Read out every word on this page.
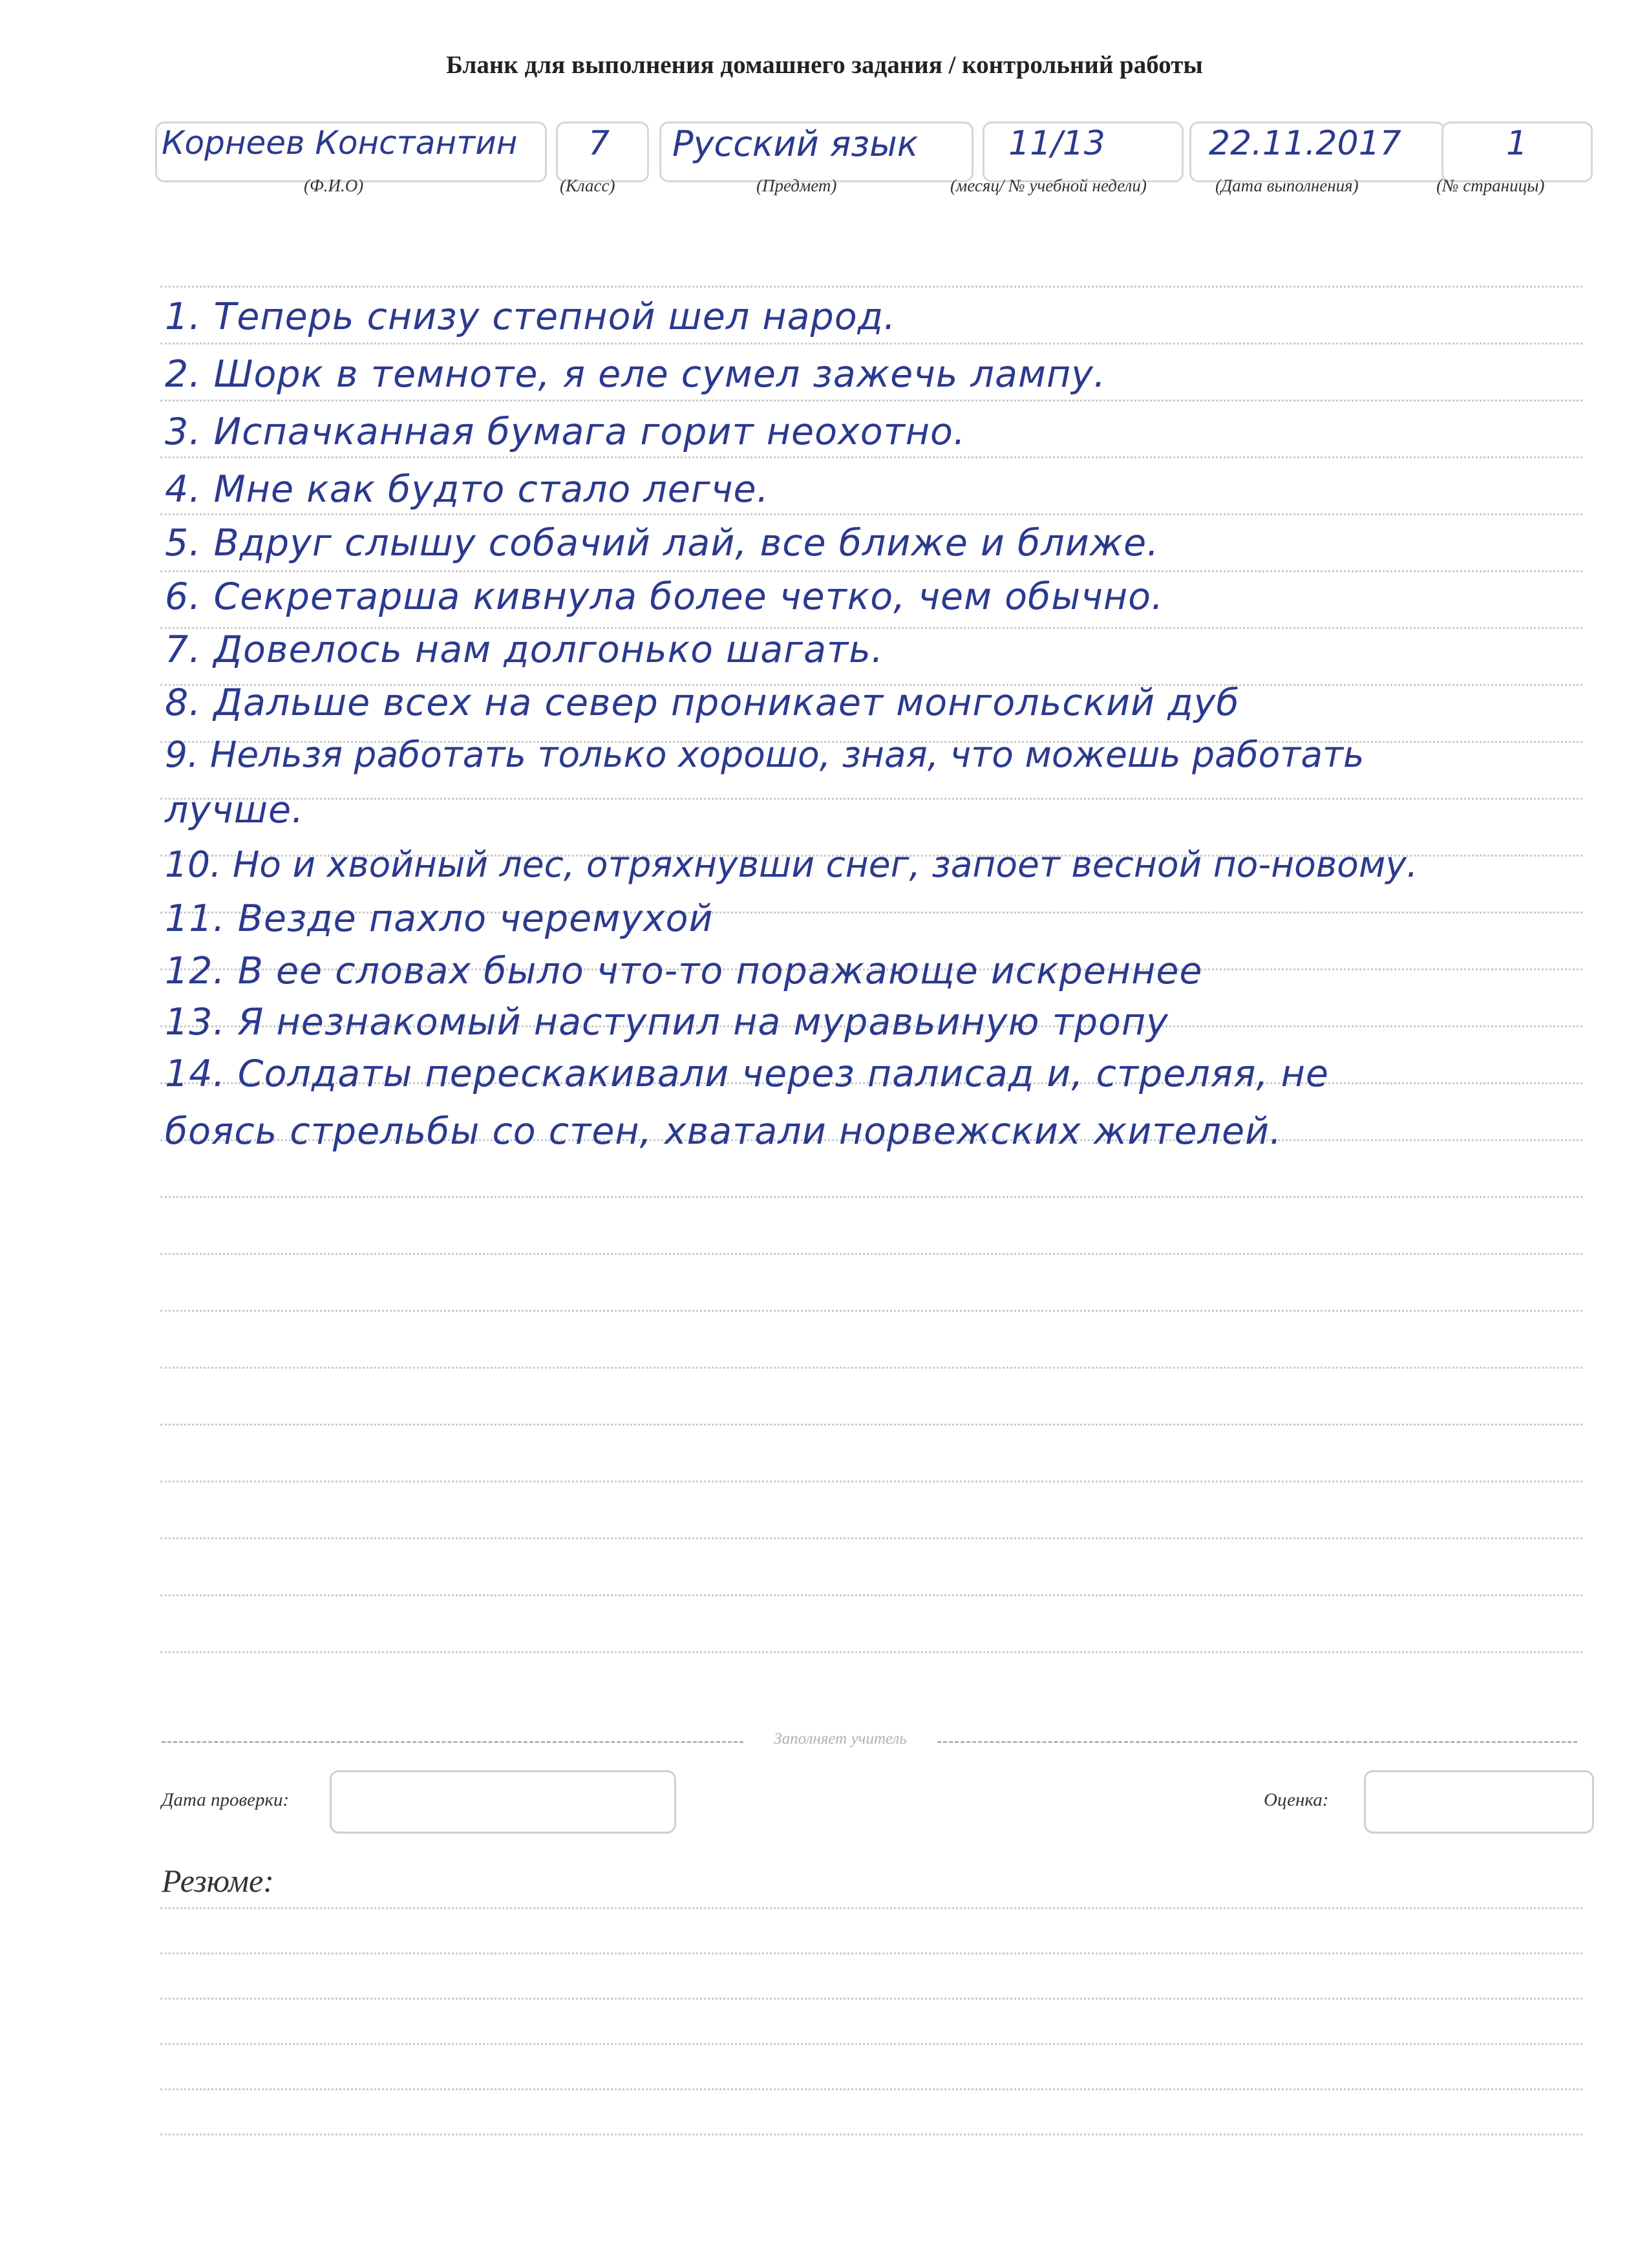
Бланк для выполнения домашнего задания / контрольний работы
Корнеев Константин
(Ф.И.О)
7
(Класс)
Русский язык
(Предмет)
11/13
(месяц/ № учебной недели)
22.11.2017
(Дата выполнения)
1
(№ страницы)
1. Теперь снизу степной шел народ.
2. Шорк в темноте, я еле сумел зажечь лампу.
3. Испачканная бумага горит неохотно.
4. Мне как будто стало легче.
5. Вдруг слышу собачий лай, все ближе и ближе.
6. Секретарша кивнула более четко, чем обычно.
7. Довелось нам долгонько шагать.
8. Дальше всех на север проникает монгольский дуб
9. Нельзя работать только хорошо, зная, что можешь работать
лучше.
10. Но и хвойный лес, отряхнувши снег, запоет весной по-новому.
11. Везде пахло черемухой
12. В ее словах было что-то поражающе искреннее
13. Я незнакомый наступил на муравьиную тропу
14. Солдаты перескакивали через палисад и, стреляя, не
боясь стрельбы со стен, хватали норвежских жителей.
Заполняет учитель
Дата проверки:	Оценка:
Резюме:
